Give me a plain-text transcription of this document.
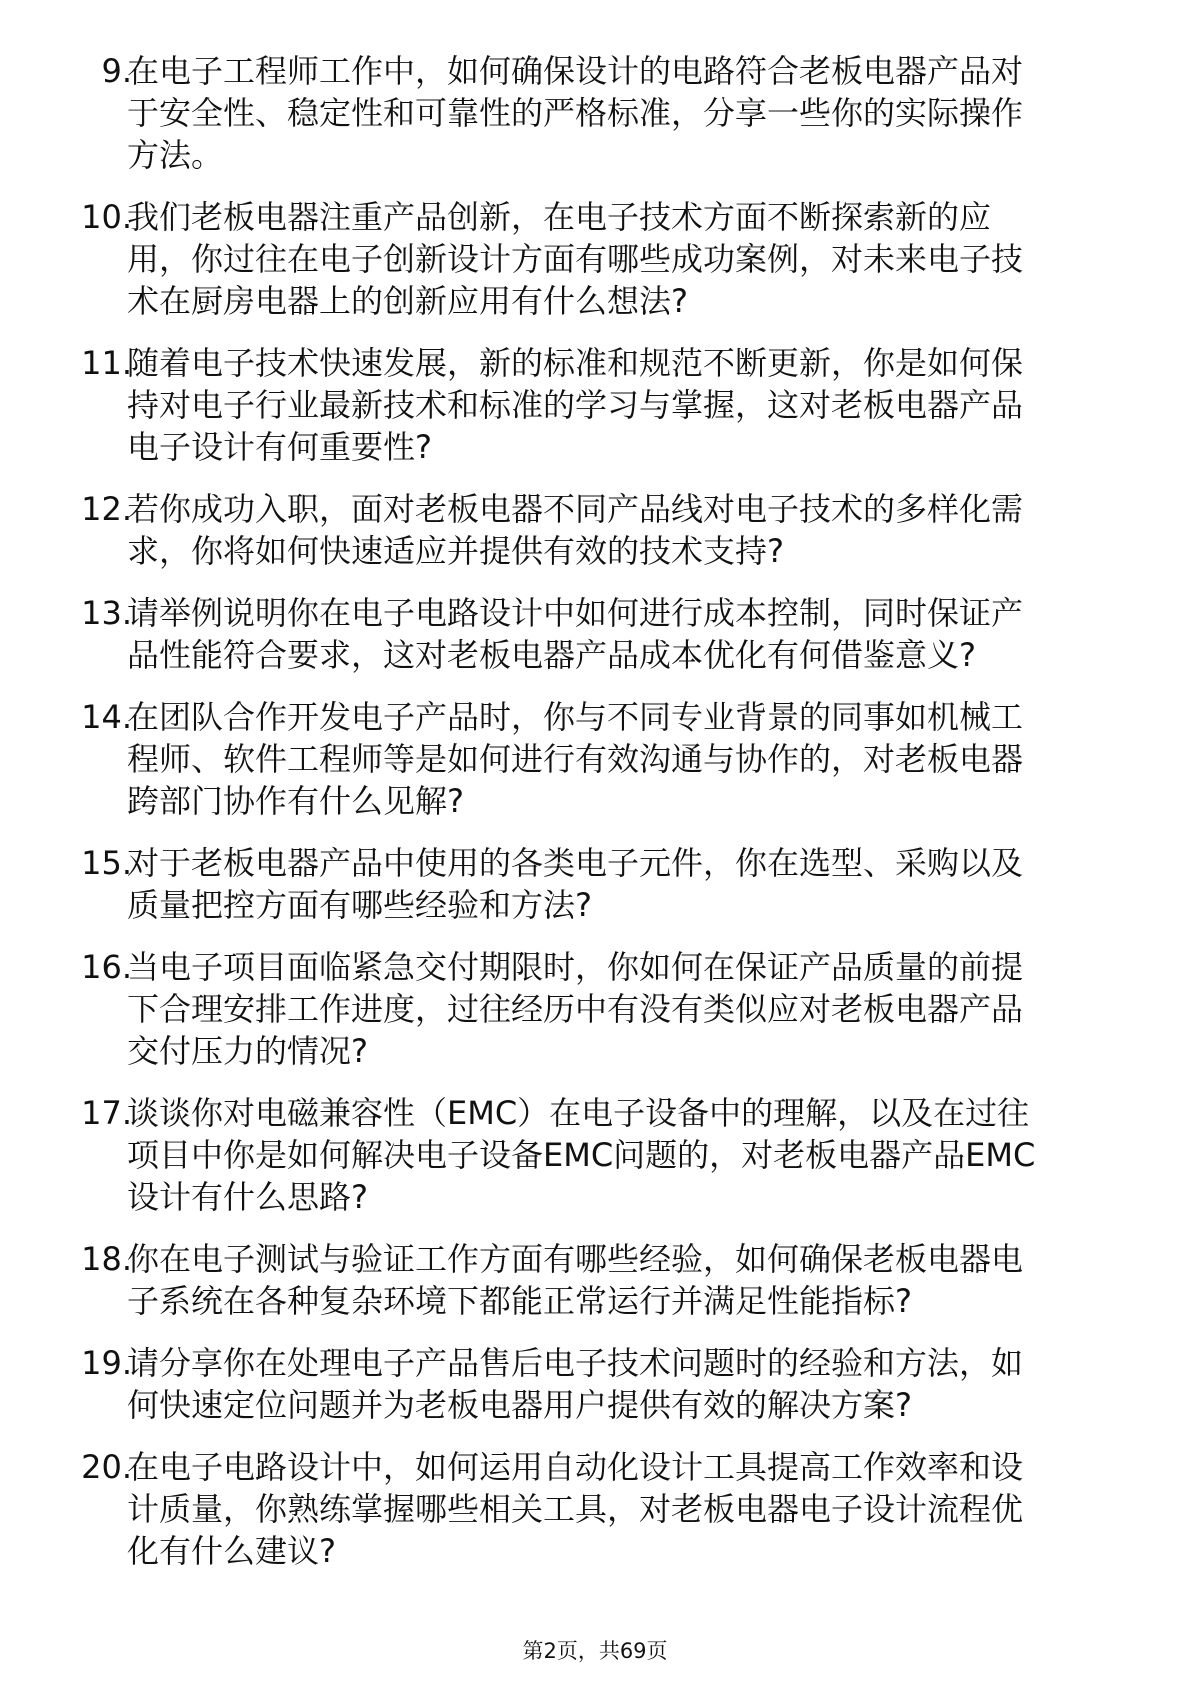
9.
在电子工程师工作中，如何确保设计的电路符合老板电器产品对
于安全性、稳定性和可靠性的严格标准，分享一些你的实际操作
方法。
10.
我们老板电器注重产品创新，在电子技术方面不断探索新的应
用，你过往在电子创新设计方面有哪些成功案例，对未来电子技
术在厨房电器上的创新应用有什么想法?
11.
随着电子技术快速发展，新的标准和规范不断更新，你是如何保
持对电子行业最新技术和标准的学习与掌握，这对老板电器产品
电子设计有何重要性?
12.
若你成功入职，面对老板电器不同产品线对电子技术的多样化需
求，你将如何快速适应并提供有效的技术支持?
13.
请举例说明你在电子电路设计中如何进行成本控制，同时保证产
品性能符合要求，这对老板电器产品成本优化有何借鉴意义?
14.
在团队合作开发电子产品时，你与不同专业背景的同事如机械工
程师、软件工程师等是如何进行有效沟通与协作的，对老板电器
跨部门协作有什么见解?
15.
对于老板电器产品中使用的各类电子元件，你在选型、采购以及
质量把控方面有哪些经验和方法?
16.
当电子项目面临紧急交付期限时，你如何在保证产品质量的前提
下合理安排工作进度，过往经历中有没有类似应对老板电器产品
交付压力的情况?
17.
谈谈你对电磁兼容性（EMC）在电子设备中的理解，以及在过往
项目中你是如何解决电子设备EMC问题的，对老板电器产品EMC
设计有什么思路?
18.
你在电子测试与验证工作方面有哪些经验，如何确保老板电器电
子系统在各种复杂环境下都能正常运行并满足性能指标?
19.
请分享你在处理电子产品售后电子技术问题时的经验和方法，如
何快速定位问题并为老板电器用户提供有效的解决方案?
20.
在电子电路设计中，如何运用自动化设计工具提高工作效率和设
计质量，你熟练掌握哪些相关工具，对老板电器电子设计流程优
化有什么建议?
第2页，共69页
